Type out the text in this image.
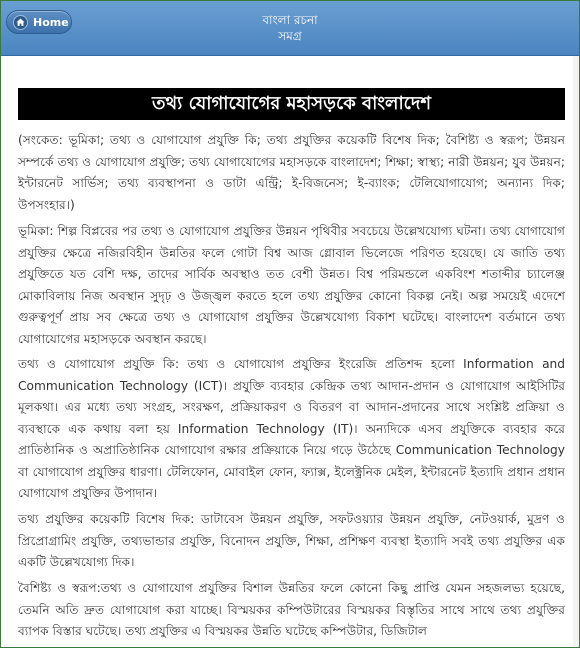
Home	বাংলা রচনা
সমগ্র
তথ্য যোগাযোগের মহাসড়কে বাংলাদেশ

(সংকেত: ভূমিকা; তথ্য ও যোগাযোগ প্রযুক্তি কি; তথ্য প্রযুক্তির কয়েকটি বিশেষ দিক; বৈশিষ্ট্য ও স্বরূপ; উন্নয়ন সম্পর্কে তথ্য ও যোগাযোগ প্রযুক্তি; তথ্য যোগাযোগের মহাসড়কে বাংলাদেশ; শিক্ষা; স্বাস্থ্য; নারী উন্নয়ন; যুব উন্নয়ন; ইন্টারনেট সার্ভিস; তথ্য ব্যবস্থাপনা ও ডাটা এন্ট্রি; ই-বিজনেস; ই-ব্যাংক; টেলিযোগাযোগ; অন্যান্য দিক; উপসংহার।)

ভূমিকা: শিল্প বিপ্লবের পর তথ্য ও যোগাযোগ প্রযুক্তির উন্নয়ন পৃথিবীর সবচেয়ে উল্লেখযোগ্য ঘটনা। তথ্য যোগাযোগ প্রযুক্তির ক্ষেত্রে নজিরবিহীন উন্নতির ফলে গোটা বিশ্ব আজ গ্লোবাল ভিলেজে পরিণত হয়েছে। যে জাতি তথ্য প্রযুক্তিতে যত বেশি দক্ষ, তাদের সার্বিক অবস্থাও তত বেশী উন্নত। বিশ্ব পরিমন্ডলে একবিংশ শতাব্দীর চ্যালেঞ্জ মোকাবিলায় নিজ অবস্থান সুদৃঢ় ও উজ্জ্বল করতে হলে তথ্য প্রযুক্তির কোনো বিকল্প নেই। অল্প সময়েই এদেশে গুরুত্বপূর্ণ প্রায় সব ক্ষেত্রে তথ্য ও যোগাযোগ প্রযুক্তির উল্লেখযোগ্য বিকাশ ঘটেছে। বাংলাদেশ বর্তমানে তথ্য যোগাযোগের মহাসড়কে অবস্থান করছে।

তথ্য ও যোগাযোগ প্রযুক্তি কি: তথ্য ও যোগাযোগ প্রযুক্তির ইংরেজি প্রতিশব্দ হলো Information and Communication Technology (ICT)। প্রযুক্তি ব্যবহার কেন্দ্রিক তথ্য আদান-প্রদান ও যোগাযোগ আইসিটির মূলকথা। এর মধ্যে তথ্য সংগ্রহ, সংরক্ষণ, প্রক্রিয়াকরণ ও বিতরণ বা আদান-প্রদানের সাথে সংশ্লিষ্ট প্রক্রিয়া ও ব্যবস্থাকে এক কথায় বলা হয় Information Technology (IT)। অন্যদিকে এসব প্রযুক্তিকে ব্যবহার করে প্রাতিষ্ঠানিক ও অপ্রাতিষ্ঠানিক যোগাযোগ রক্ষার প্রক্রিয়াকে নিয়ে গড়ে উঠেছে Communication Technology বা যোগাযোগ প্রযুক্তির ধারণা। টেলিফোন, মোবাইল ফোন, ফ্যাক্স, ইলেক্ট্রনিক মেইল, ইন্টারনেট ইত্যাদি প্রধান প্রধান যোগাযোগ প্রযুক্তির উপাদান।

তথ্য প্রযুক্তির কয়েকটি বিশেষ দিক: ডাটাবেস উন্নয়ন প্রযুক্তি, সফটওয়্যার উন্নয়ন প্রযুক্তি, নেটওয়ার্ক, মুদ্রণ ও প্রিপ্রোগ্রামিং প্রযুক্তি, তথ্যভান্ডার প্রযুক্তি, বিনোদন প্রযুক্তি, শিক্ষা, প্রশিক্ষণ ব্যবস্থা ইত্যাদি সবই তথ্য প্রযুক্তির এক একটি উল্লেখযোগ্য দিক।

বৈশিষ্ট্য ও স্বরূপ:তথ্য ও যোগাযোগ প্রযুক্তির বিশাল উন্নতির ফলে কোনো কিছু প্রাপ্তি যেমন সহজলভ্য হয়েছে, তেমনি অতি দ্রুত যোগাযোগ করা যাচ্ছে। বিস্ময়কর কম্পিউটারের বিস্ময়কর বিস্তৃতির সাথে সাথে তথ্য প্রযুক্তির ব্যাপক বিস্তার ঘটেছে। তথ্য প্রযুক্তির এ বিস্ময়কর উন্নতি ঘটেছে কম্পিউটার, ডিজিটাল
